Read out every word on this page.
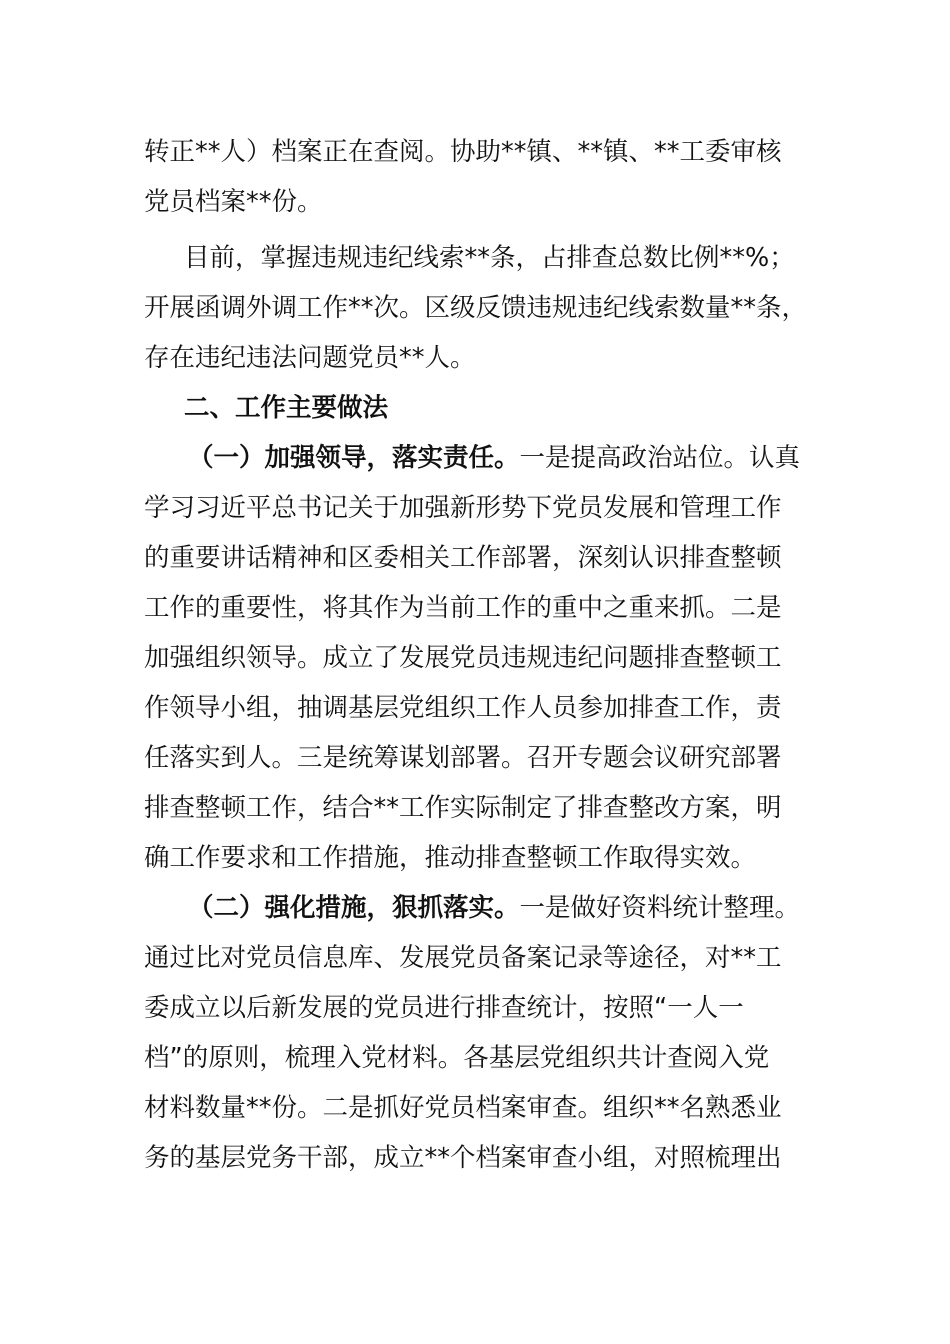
转正**人）档案正在查阅。协助**镇、**镇、**工委审核
党员档案**份。
目前，掌握违规违纪线索**条，占排查总数比例**%；
开展函调外调工作**次。区级反馈违规违纪线索数量**条，
存在违纪违法问题党员**人。
二、工作主要做法
（一）加强领导，落实责任。一是提高政治站位。认真
学习习近平总书记关于加强新形势下党员发展和管理工作
的重要讲话精神和区委相关工作部署，深刻认识排查整顿
工作的重要性，将其作为当前工作的重中之重来抓。二是
加强组织领导。成立了发展党员违规违纪问题排查整顿工
作领导小组，抽调基层党组织工作人员参加排查工作，责
任落实到人。三是统筹谋划部署。召开专题会议研究部署
排查整顿工作，结合**工作实际制定了排查整改方案，明
确工作要求和工作措施，推动排查整顿工作取得实效。
（二）强化措施，狠抓落实。一是做好资料统计整理。
通过比对党员信息库、发展党员备案记录等途径，对**工
委成立以后新发展的党员进行排查统计，按照“一人一
档”的原则，梳理入党材料。各基层党组织共计查阅入党
材料数量**份。二是抓好党员档案审查。组织**名熟悉业
务的基层党务干部，成立**个档案审查小组，对照梳理出
